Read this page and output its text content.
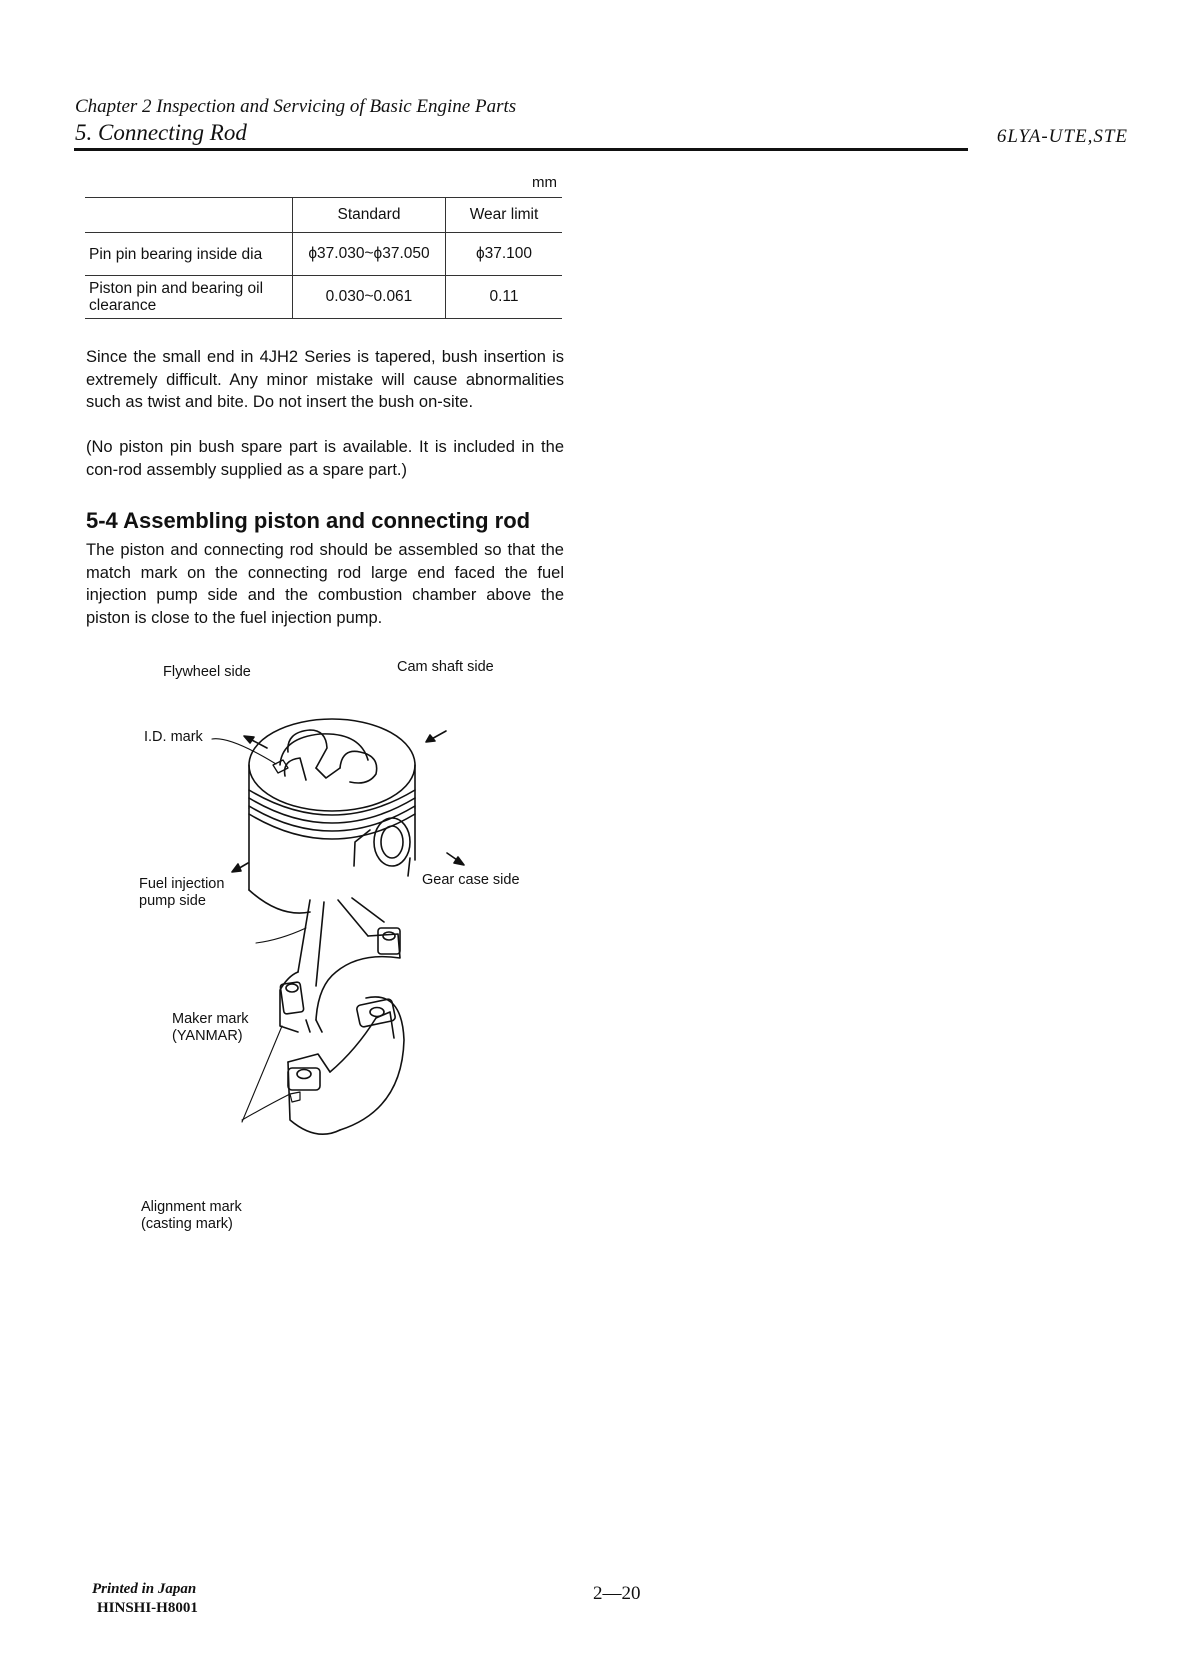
Chapter 2 Inspection and Servicing of Basic Engine Parts
5. Connecting Rod	6LYA-UTE,STE
mm
	Standard	Wear limit
Pin pin bearing inside dia	ϕ37.030~ϕ37.050	ϕ37.100
Piston pin and bearing oil clearance	0.030~0.061	0.11

Since the small end in 4JH2 Series is tapered, bush insertion is extremely difficult. Any minor mistake will cause abnormalities such as twist and bite. Do not insert the bush on-site.

(No piston pin bush spare part is available. It is included in the con-rod assembly supplied as a spare part.)

5-4 Assembling piston and connecting rod

The piston and connecting rod should be assembled so that the match mark on the connecting rod large end faced the fuel injection pump side and the combustion chamber above the piston is close to the fuel injection pump.

Flywheel side	Cam shaft side
I.D. mark
Fuel injection
pump side
Gear case side
Maker mark
(YANMAR)
Alignment mark
(casting mark)
Printed in Japan
HINSHI-H8001
2—20
